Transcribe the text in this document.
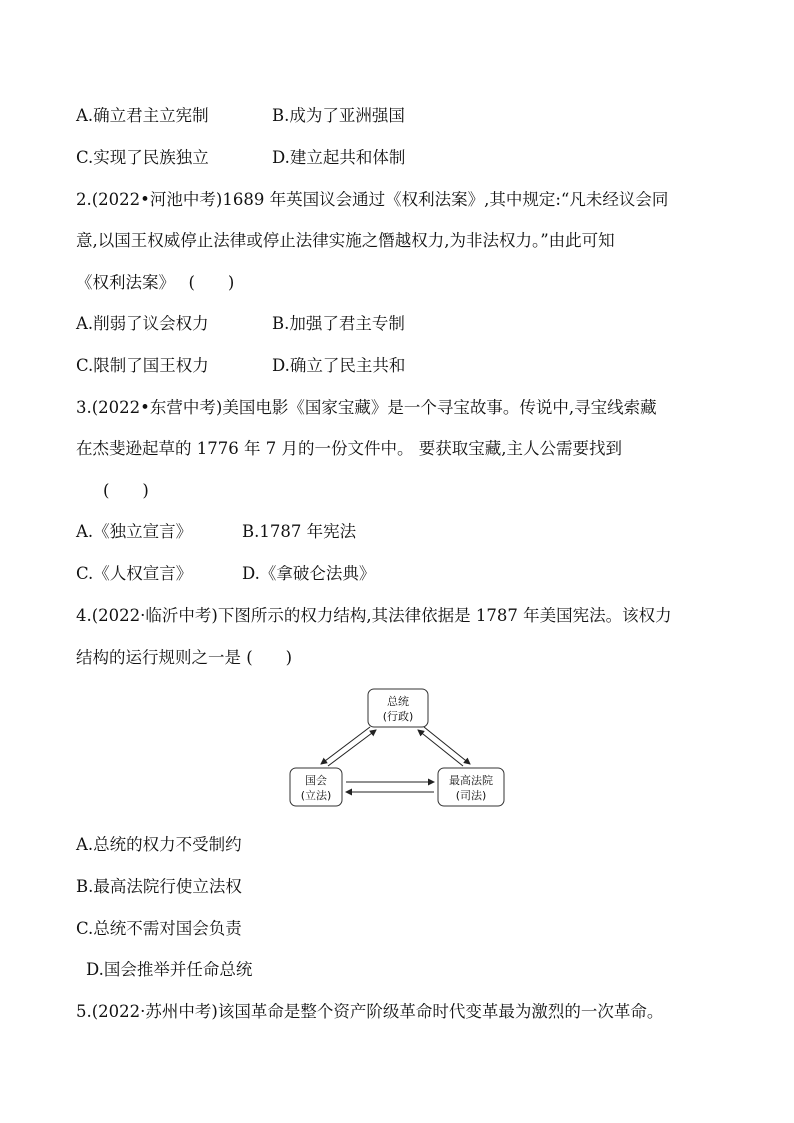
A.确立君主立宪制	B.成为了亚洲强国
C.实现了民族独立	D.建立起共和体制
2.(2022•河池中考)1689 年英国议会通过《权利法案》,其中规定:“凡未经议会同
意,以国王权威停止法律或停止法律实施之僭越权力,为非法权力。”由此可知
《权利法案》　 (　　)
A.削弱了议会权力	B.加强了君主专制
C.限制了国王权力	D.确立了民主共和
3.(2022•东营中考)美国电影《国家宝藏》是一个寻宝故事。传说中,寻宝线索藏
在杰斐逊起草的 1776 年 7 月的一份文件中。 要获取宝藏,主人公需要找到
(　　)
A.《独立宣言》	B.1787 年宪法
C.《人权宣言》	D.《拿破仑法典》
4.(2022·临沂中考)下图所示的权力结构,其法律依据是 1787 年美国宪法。该权力
结构的运行规则之一是 (　　)
总统
(行政)
国会
(立法)
最高法院
(司法)
A.总统的权力不受制约
B.最高法院行使立法权
C.总统不需对国会负责
D.国会推举并任命总统
5.(2022·苏州中考)该国革命是整个资产阶级革命时代变革最为激烈的一次革命。
